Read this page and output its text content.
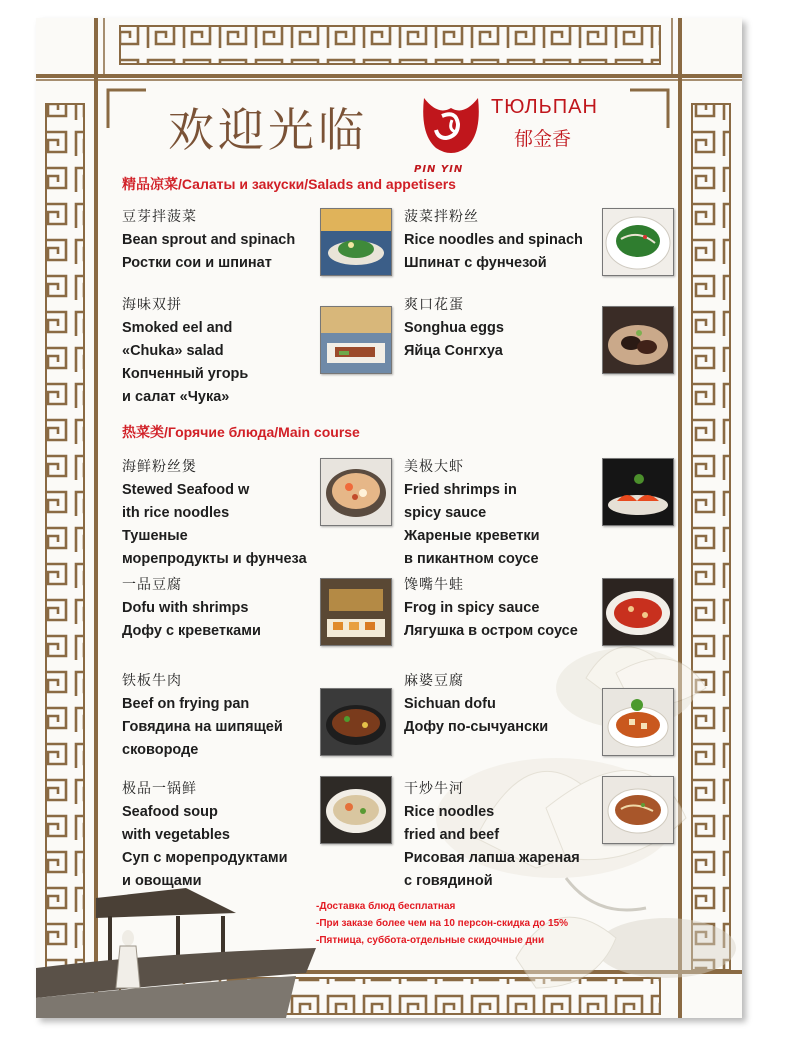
欢迎光临
PIN YIN
ТЮЛЬПАН
郁金香
精品凉菜/Салаты и закуски/Salads and appetisers
豆芽拌菠菜
Bean sprout and spinach
Ростки сои и шпинат
菠菜拌粉丝
Rice noodles and spinach
Шпинат с фунчезой
海味双拼
Smoked eel and
«Chuka» salad
Копченный угорь
и салат «Чука»
爽口花蛋
Songhua eggs
Яйца Сонгхуа
热菜类/Горячие блюда/Main course
海鲜粉丝煲
Stewed Seafood w
ith rice noodles
Тушеные
морепродукты и фунчеза
美极大虾
Fried shrimps in
spicy sauce
Жареные креветки
в пикантном соусе
一品豆腐
Dofu with shrimps
Дофу с креветками
馋嘴牛蛙
Frog in spicy sauce
Лягушка в остром соусе
铁板牛肉
Beef on frying pan
Говядина на шипящей
сковороде
麻婆豆腐
Sichuan dofu
Дофу по-сычуански
极品一锅鲜
Seafood soup
with vegetables
Суп с морепродуктами
и овощами
干炒牛河
Rice noodles
fried and beef
Рисовая лапша жареная
с говядиной
-Доставка блюд бесплатная
-При заказе более чем на 10 персон-скидка до 15%
-Пятница, суббота-отдельные скидочные дни
